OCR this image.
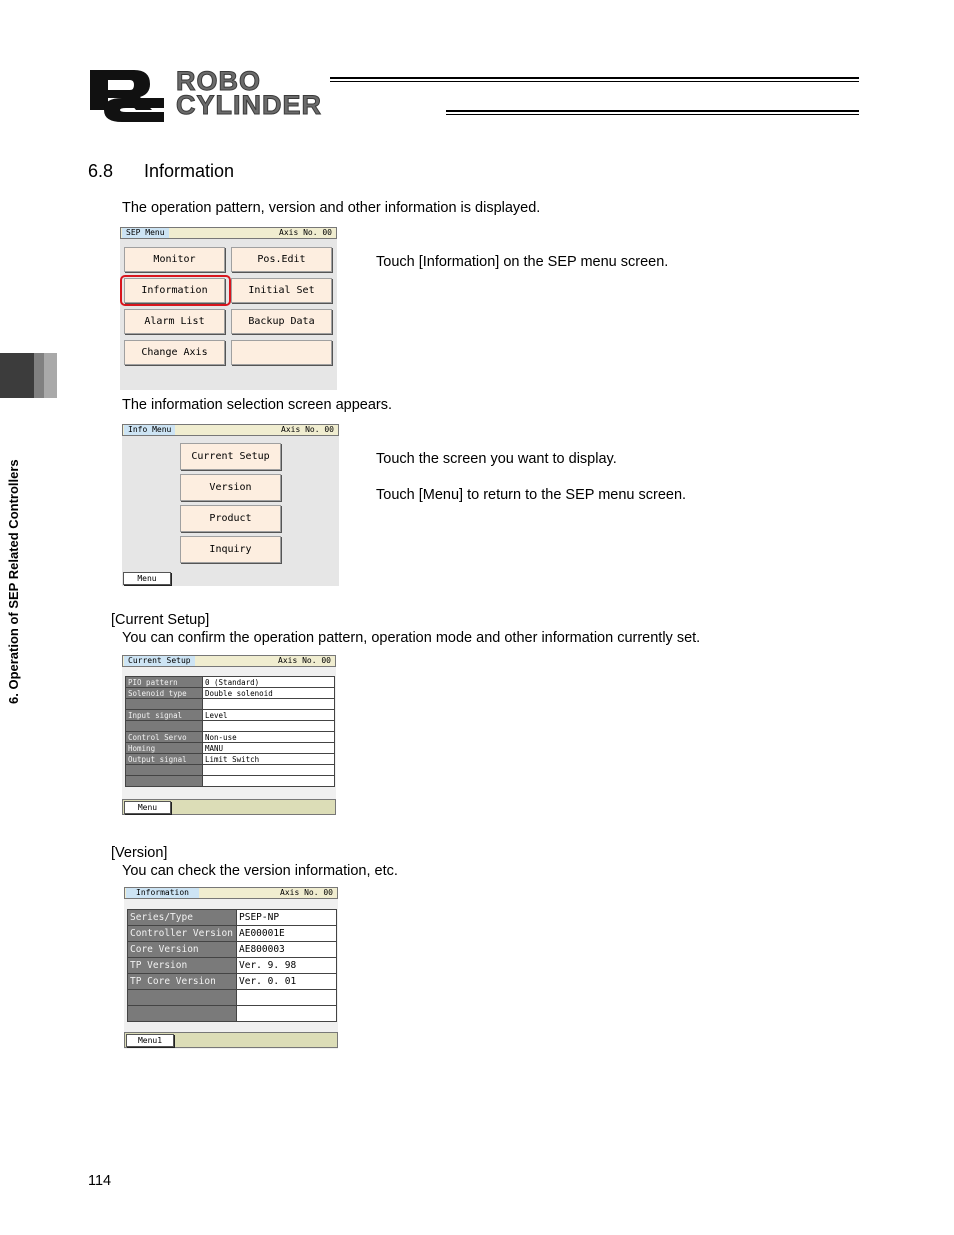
ROBO
CYLINDER
6. Operation of SEP Related Controllers
6.8 Information
The operation pattern, version and other information is displayed.
SEP Menu	Axis No. 00
Monitor	Pos.Edit
Information	Initial Set
Alarm List	Backup Data
Change Axis
Touch [Information] on the SEP menu screen.
The information selection screen appears.
Info Menu	Axis No. 00
Current Setup
Version
Product
Inquiry
Menu
Touch the screen you want to display.
Touch [Menu] to return to the SEP menu screen.
[Current Setup]
You can confirm the operation pattern, operation mode and other information currently set.
Current Setup	Axis No. 00
PIO pattern	0 (Standard)
Solenoid type	Double solenoid

Input signal	Level

Control Servo	Non-use
Homing	MANU
Output signal	Limit Switch

Menu
[Version]
You can check the version information, etc.
Information	Axis No. 00
Series/Type	PSEP-NP
Controller Version	AE00001E
Core Version	AE800003
TP Version	Ver. 9. 98
TP Core Version	Ver. 0. 01

Menu1
114
